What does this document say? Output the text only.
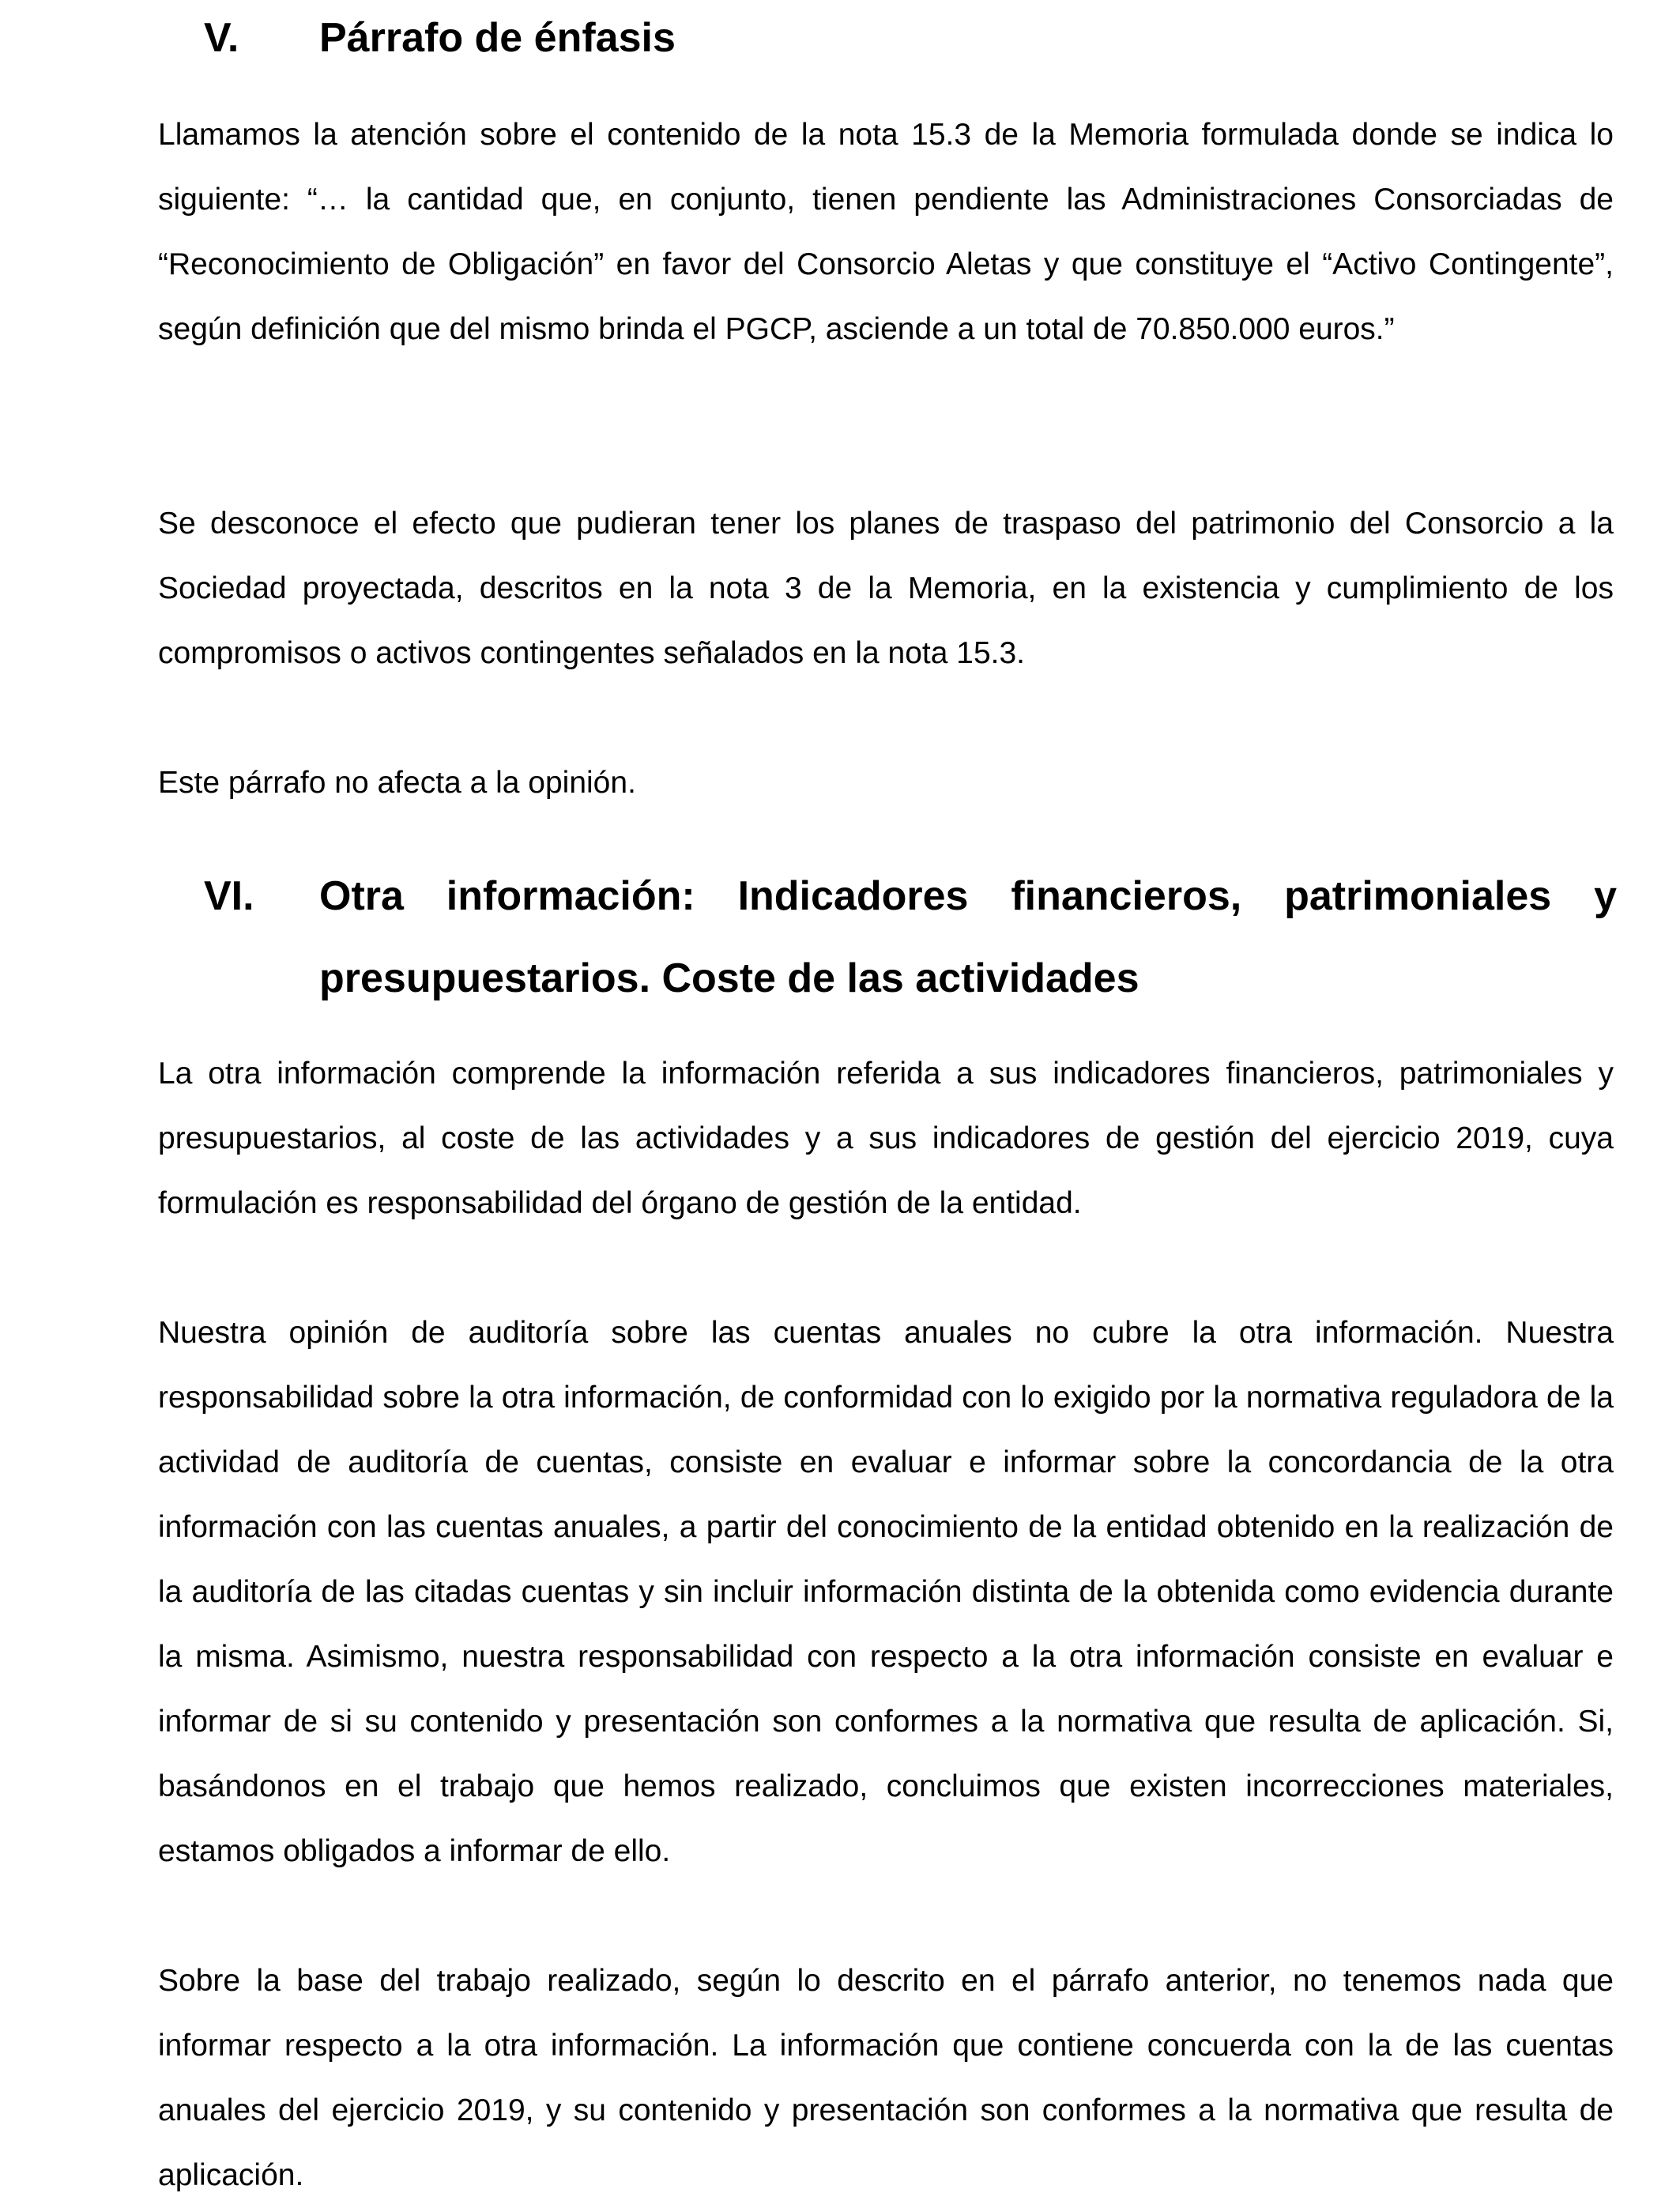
V. Párrafo de énfasis

Llamamos la atención sobre el contenido de la nota 15.3 de la Memoria formulada donde se indica lo siguiente: “… la cantidad que, en conjunto, tienen pendiente las Administraciones Consorciadas de “Reconocimiento de Obligación” en favor del Consorcio Aletas y que constituye el “Activo Contingente”, según definición que del mismo brinda el PGCP, asciende a un total de 70.850.000 euros.”

Se desconoce el efecto que pudieran tener los planes de traspaso del patrimonio del Consorcio a la Sociedad proyectada, descritos en la nota 3 de la Memoria, en la existencia y cumplimiento de los compromisos o activos contingentes señalados en la nota 15.3.

Este párrafo no afecta a la opinión.

VI. Otra información: Indicadores financieros, patrimoniales y presupuestarios. Coste de las actividades

La otra información comprende la información referida a sus indicadores financieros, patrimoniales y presupuestarios, al coste de las actividades y a sus indicadores de gestión del ejercicio 2019, cuya formulación es responsabilidad del órgano de gestión de la entidad.

Nuestra opinión de auditoría sobre las cuentas anuales no cubre la otra información. Nuestra responsabilidad sobre la otra información, de conformidad con lo exigido por la normativa reguladora de la actividad de auditoría de cuentas, consiste en evaluar e informar sobre la concordancia de la otra información con las cuentas anuales, a partir del conocimiento de la entidad obtenido en la realización de la auditoría de las citadas cuentas y sin incluir información distinta de la obtenida como evidencia durante la misma. Asimismo, nuestra responsabilidad con respecto a la otra información consiste en evaluar e informar de si su contenido y presentación son conformes a la normativa que resulta de aplicación. Si, basándonos en el trabajo que hemos realizado, concluimos que existen incorrecciones materiales, estamos obligados a informar de ello.

Sobre la base del trabajo realizado, según lo descrito en el párrafo anterior, no tenemos nada que informar respecto a la otra información. La información que contiene concuerda con la de las cuentas anuales del ejercicio 2019, y su contenido y presentación son conformes a la normativa que resulta de aplicación.
